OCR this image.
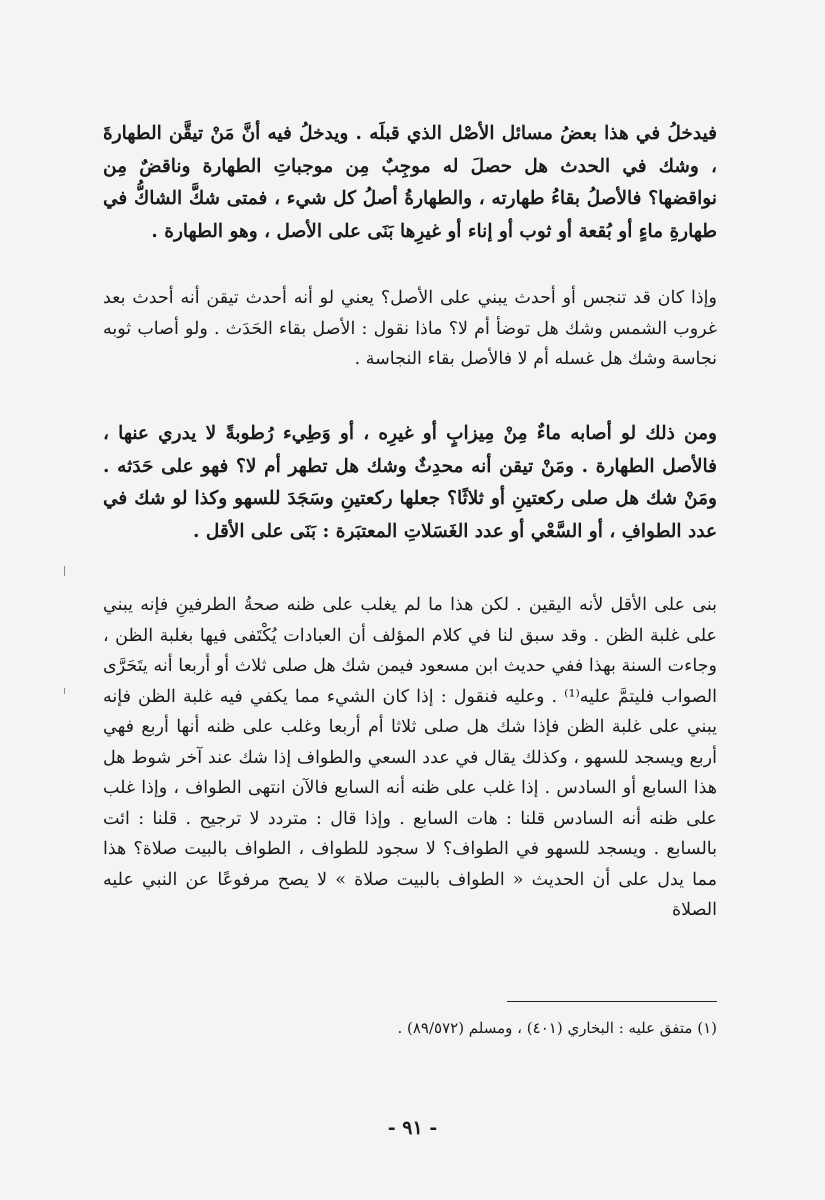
فيدخلُ في هذا بعضُ مسائل الأصْل الذي قبلَه . ويدخلُ فيه أنَّ مَنْ تيقَّن الطهارةَ ، وشك في الحدث هل حصلَ له موجِبٌ مِن موجباتِ الطهارة وناقضٌ مِن نواقضها؟ فالأصلُ بقاءُ طهارته ، والطهارةُ أصلُ كل شيء ، فمتى شكَّ الشاكُّ في طهارةِ ماءٍ أو بُقعة أو ثوب أو إناء أو غيرِها بَنَى على الأصل ، وهو الطهارة .

وإذا كان قد تنجس أو أحدث يبني على الأصل؟ يعني لو أنه أحدث تيقن أنه أحدث بعد غروب الشمس وشك هل توضأ أم لا؟ ماذا نقول : الأصل بقاء الحَدَث . ولو أصاب ثوبه نجاسة وشك هل غسله أم لا فالأصل بقاء النجاسة .

ومن ذلك لو أصابه ماءٌ مِنْ مِيزابٍ أو غيرِه ، أو وَطِيء رُطوبةً لا يدري عنها ، فالأصل الطهارة . ومَنْ تيقن أنه محدِثٌ وشك هل تطهر أم لا؟ فهو على حَدَثه . ومَنْ شك هل صلى ركعتينِ أو ثلاثًا؟ جعلها ركعتينِ وسَجَدَ للسهو وكذا لو شك في عدد الطوافِ ، أو السَّعْي أو عدد الغَسَلاتِ المعتبَرة : بَنَى على الأقل .

بنى على الأقل لأنه اليقين . لكن هذا ما لم يغلب على ظنه صحةُ الطرفينِ فإنه يبني على غلبة الظن . وقد سبق لنا في كلام المؤلف أن العبادات يُكْتَفى فيها بغلبة الظن ، وجاءت السنة بهذا ففي حديث ابن مسعود فيمن شك هل صلى ثلاث أو أربعا أنه يتَحَرَّى الصواب فليتمَّ عليه⁽¹⁾ . وعليه فنقول : إذا كان الشيء مما يكفي فيه غلبة الظن فإنه يبني على غلبة الظن فإذا شك هل صلى ثلاثا أم أربعا وغلب على ظنه أنها أربع فهي أربع ويسجد للسهو ، وكذلك يقال في عدد السعي والطواف إذا شك عند آخر شوط هل هذا السابع أو السادس . إذا غلب على ظنه أنه السابع فالآن انتهى الطواف ، وإذا غلب على ظنه أنه السادس قلنا : هات السابع . وإذا قال : متردد لا ترجيح . قلنا : ائت بالسابع . ويسجد للسهو في الطواف؟ لا سجود للطواف ، الطواف بالبيت صلاة؟ هذا مما يدل على أن الحديث « الطواف بالبيت صلاة » لا يصح مرفوعًا عن النبي عليه الصلاة

(١) متفق عليه : البخاري (٤٠١) ، ومسلم (٨٩/٥٧٢) .

- ٩١ -
